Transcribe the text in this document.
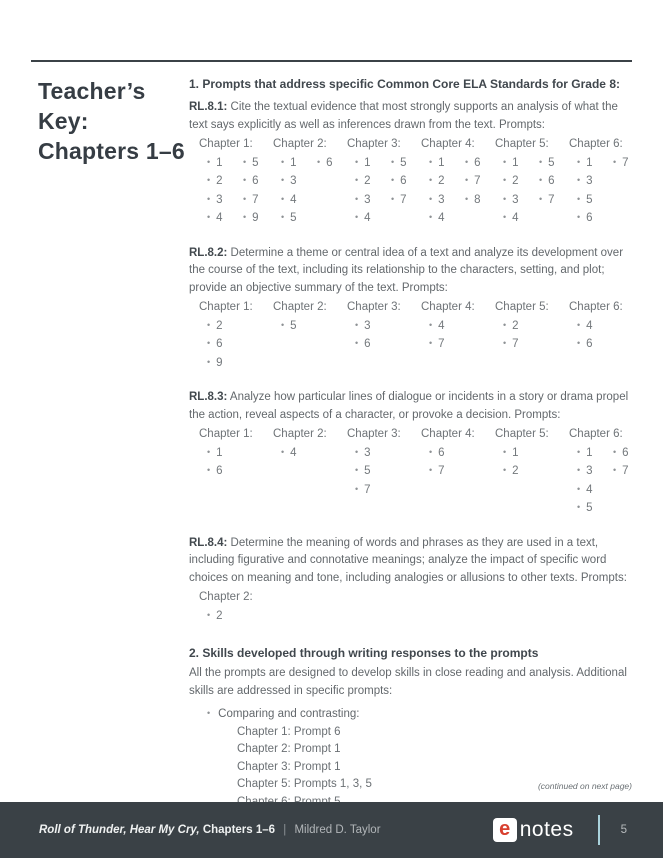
Teacher’s
Key:
Chapters 1–6
1. Prompts that address specific Common Core ELA Standards for Grade 8:

RL.8.1: Cite the textual evidence that most strongly supports an analysis of what the text says explicitly as well as inferences drawn from the text. Prompts:

Chapter 1:
• 1
• 2
• 3
• 4
• 5
• 6
• 7
• 9
Chapter 2:
• 1
• 3
• 4
• 5
• 6
Chapter 3:
• 1
• 2
• 3
• 4
• 5
• 6
• 7
Chapter 4:
• 1
• 2
• 3
• 4
• 6
• 7
• 8
Chapter 5:
• 1
• 2
• 3
• 4
• 5
• 6
• 7
Chapter 6:
• 1
• 3
• 5
• 6
• 7

RL.8.2: Determine a theme or central idea of a text and analyze its development over the course of the text, including its relationship to the characters, setting, and plot; provide an objective summary of the text. Prompts:

Chapter 1:
• 2
• 6
• 9
Chapter 2:
• 5
Chapter 3:
• 3
• 6
Chapter 4:
• 4
• 7
Chapter 5:
• 2
• 7
Chapter 6:
• 4
• 6

RL.8.3: Analyze how particular lines of dialogue or incidents in a story or drama propel the action, reveal aspects of a character, or provoke a decision. Prompts:

Chapter 1:
• 1
• 6
Chapter 2:
• 4
Chapter 3:
• 3
• 5
• 7
Chapter 4:
• 6
• 7
Chapter 5:
• 1
• 2
Chapter 6:
• 1
• 3
• 4
• 5
• 6
• 7

RL.8.4: Determine the meaning of words and phrases as they are used in a text, including figurative and connotative meanings; analyze the impact of specific word choices on meaning and tone, including analogies or allusions to other texts. Prompts:

Chapter 2:
• 2
2. Skills developed through writing responses to the prompts

All the prompts are designed to develop skills in close reading and analysis. Additional skills are addressed in specific prompts:

• Comparing and contrasting:
Chapter 1: Prompt 6
Chapter 2: Prompt 1
Chapter 3: Prompt 1
Chapter 5: Prompts 1, 3, 5	(continued on next page)
Roll of Thunder, Hear My Cry, Chapters 1–6 | Mildred D. Taylor	e notes	5
